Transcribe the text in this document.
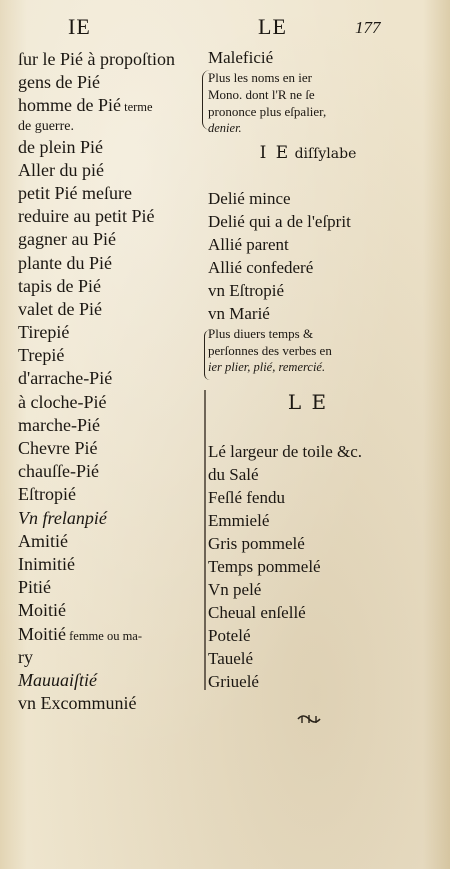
IE	LE	177
ſur le Pié à propoſtion
gens de Pié
homme de Pié terme
de guerre.
de plein Pié
Aller du pié
petit Pié meſure
reduire au petit Pié
gagner au Pié
plante du Pié
tapis de Pié
valet de Pié
Tirepié
Trepié
d'arrache-Pié
à cloche-Pié
marche-Pié
Chevre Pié
chauſſe-Pié
Eſtropié
Vn frelanpié
Amitié
Inimitié
Pitié
Moitié
Moitié femme ou ma-
ry
Mauuaiſtié
vn Excommunié
Maleficié
Plus les noms en ier
Mono. dont l'R ne ſe
prononce plus eſpalier,
denier.
I E diſſylabe
Delié mince
Delié qui a de l'eſprit
Allié parent
Allié confederé
vn Eſtropié
vn Marié
Plus diuers temps &
perſonnes des verbes en
ier plier, plié, remercié.
L E
Lé largeur de toile &c.
du Salé
Feſlé fendu
Emmielé
Gris pommelé
Temps pommelé
Vn pelé
Cheual enſellé
Potelé
Tauelé
Griuelé
